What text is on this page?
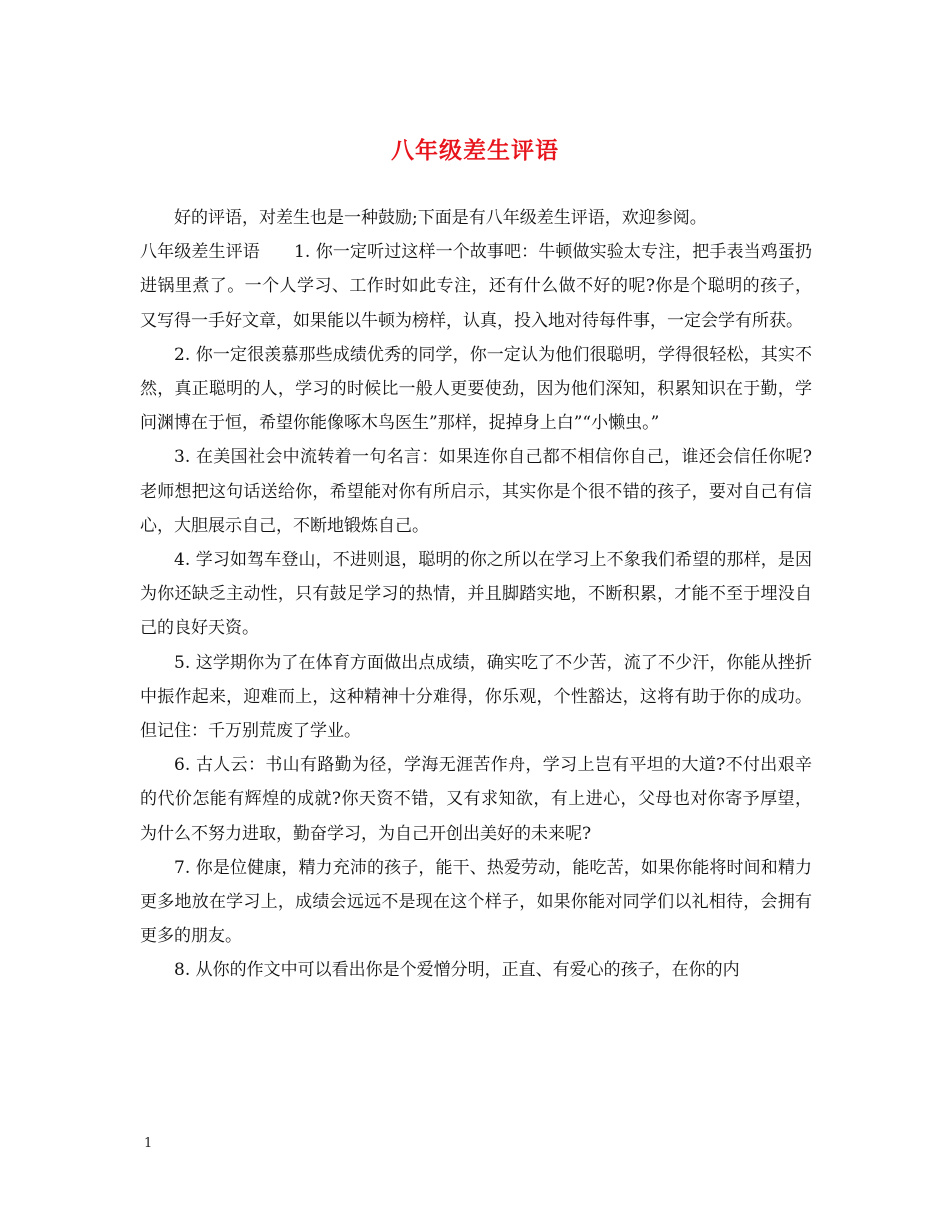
八年级差生评语

好的评语，对差生也是一种鼓励;下面是有八年级差生评语，欢迎参阅。

八年级差生评语　　1. 你一定听过这样一个故事吧：牛顿做实验太专注，把手表当鸡蛋扔进锅里煮了。一个人学习、工作时如此专注，还有什么做不好的呢?你是个聪明的孩子，又写得一手好文章，如果能以牛顿为榜样，认真，投入地对待每件事，一定会学有所获。

2. 你一定很羡慕那些成绩优秀的同学，你一定认为他们很聪明，学得很轻松，其实不然，真正聪明的人，学习的时候比一般人更要使劲，因为他们深知，积累知识在于勤，学问渊博在于恒，希望你能像啄木鸟医生”那样，捉掉身上白”“小懒虫。”

3. 在美国社会中流转着一句名言：如果连你自己都不相信你自己，谁还会信任你呢?老师想把这句话送给你，希望能对你有所启示，其实你是个很不错的孩子，要对自己有信心，大胆展示自己，不断地锻炼自己。

4. 学习如驾车登山，不进则退，聪明的你之所以在学习上不象我们希望的那样，是因为你还缺乏主动性，只有鼓足学习的热情，并且脚踏实地，不断积累，才能不至于埋没自己的良好天资。

5. 这学期你为了在体育方面做出点成绩，确实吃了不少苦，流了不少汗，你能从挫折中振作起来，迎难而上，这种精神十分难得，你乐观，个性豁达，这将有助于你的成功。但记住：千万别荒废了学业。

6. 古人云：书山有路勤为径，学海无涯苦作舟，学习上岂有平坦的大道?不付出艰辛的代价怎能有辉煌的成就?你天资不错，又有求知欲，有上进心，父母也对你寄予厚望，为什么不努力进取，勤奋学习，为自己开创出美好的未来呢?

7. 你是位健康，精力充沛的孩子，能干、热爱劳动，能吃苦，如果你能将时间和精力更多地放在学习上，成绩会远远不是现在这个样子，如果你能对同学们以礼相待，会拥有更多的朋友。

8. 从你的作文中可以看出你是个爱憎分明，正直、有爱心的孩子，在你的内

1
